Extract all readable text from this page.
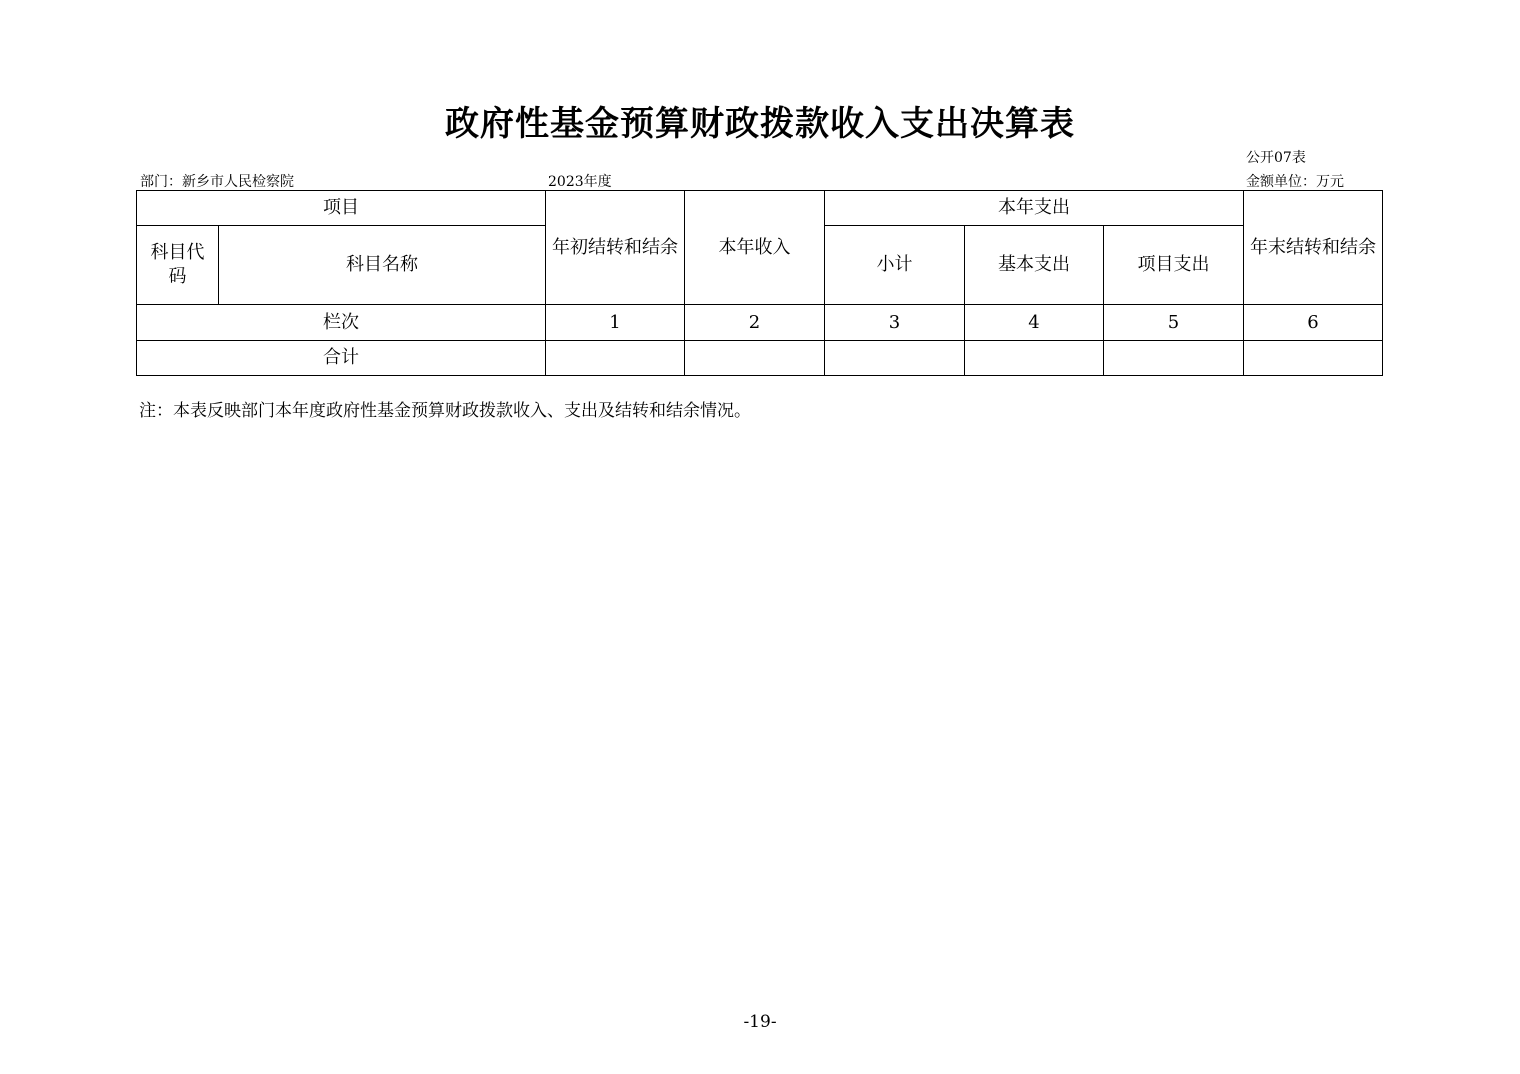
政府性基金预算财政拨款收入支出决算表
公开07表
部门：新乡市人民检察院	2023年度	金额单位：万元
项目		年初结转和结余	本年收入	本年支出			年末结转和结余
科目代码	科目名称			小计	基本支出	项目支出	
栏次		1	2	3	4	5	6
合计							
注：本表反映部门本年度政府性基金预算财政拨款收入、支出及结转和结余情况。
-19-
